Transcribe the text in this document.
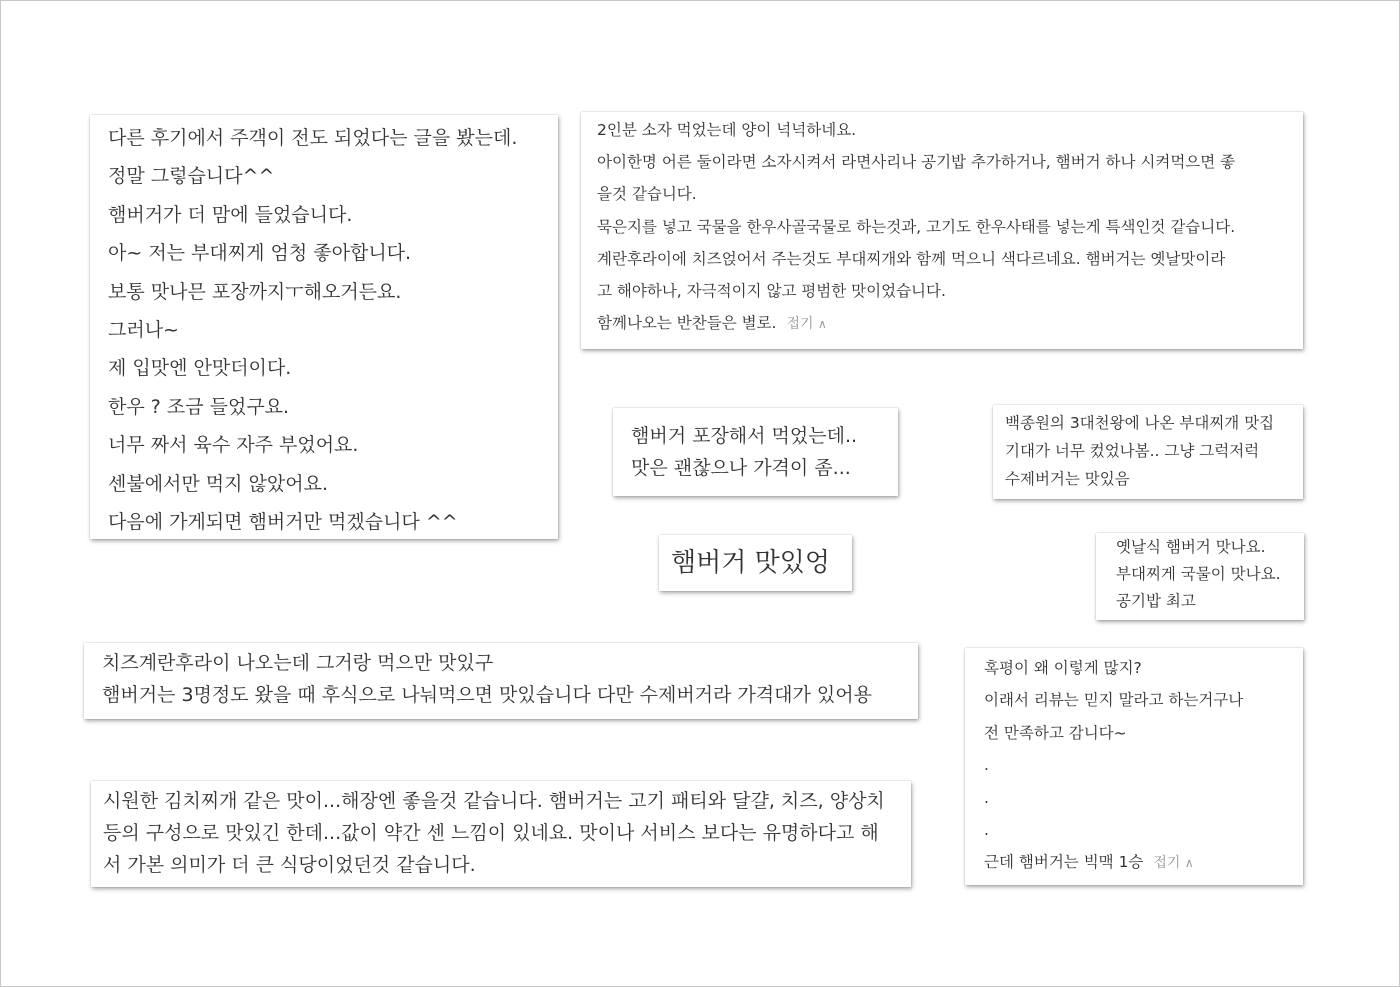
다른 후기에서 주객이 전도 되었다는 글을 봤는데.

정말 그렇습니다^^

햄버거가 더 맘에 들었습니다.

아~ 저는 부대찌게 엄청 좋아합니다.

보통 맛나믄 포장까지ㅜ해오거든요.

그러나~

제 입맛엔 안맛더이다.

한우 ? 조금 들었구요.

너무 짜서 육수 자주 부었어요.

센불에서만 먹지 않았어요.

다음에 가게되면 햄버거만 먹겠습니다 ^^

2인분 소자 먹었는데 양이 넉넉하네요.

아이한명 어른 둘이라면 소자시켜서 라면사리나 공기밥 추가하거나, 햄버거 하나 시켜먹으면 좋

을것 같습니다.

묵은지를 넣고 국물을 한우사골국물로 하는것과, 고기도 한우사태를 넣는게 특색인것 같습니다.

계란후라이에 치즈얹어서 주는것도 부대찌개와 함께 먹으니 색다르네요. 햄버거는 옛날맛이라

고 해야하나, 자극적이지 않고 평범한 맛이었습니다.

함께나오는 반찬들은 별로. 접기 ∧

햄버거 포장해서 먹었는데..

맛은 괜찮으나 가격이 좀...

백종원의 3대천왕에 나온 부대찌개 맛집

기대가 너무 컸었나봄.. 그냥 그럭저럭

수제버거는 맛있음

햄버거 맛있엉

옛날식 햄버거 맛나요.

부대찌게 국물이 맛나요.

공기밥 최고

치즈계란후라이 나오는데 그거랑 먹으만 맛있구

햄버거는 3명정도 왔을 때 후식으로 나눠먹으면 맛있습니다 다만 수제버거라 가격대가 있어용

혹평이 왜 이렇게 많지?

이래서 리뷰는 믿지 말라고 하는거구나

전 만족하고 감니다~

.

.

.

근데 햄버거는 빅맥 1승 접기 ∧

시원한 김치찌개 같은 맛이...해장엔 좋을것 같습니다. 햄버거는 고기 패티와 달걀, 치즈, 양상치

등의 구성으로 맛있긴 한데...값이 약간 센 느낌이 있네요. 맛이나 서비스 보다는 유명하다고 해

서 가본 의미가 더 큰 식당이었던것 같습니다.
